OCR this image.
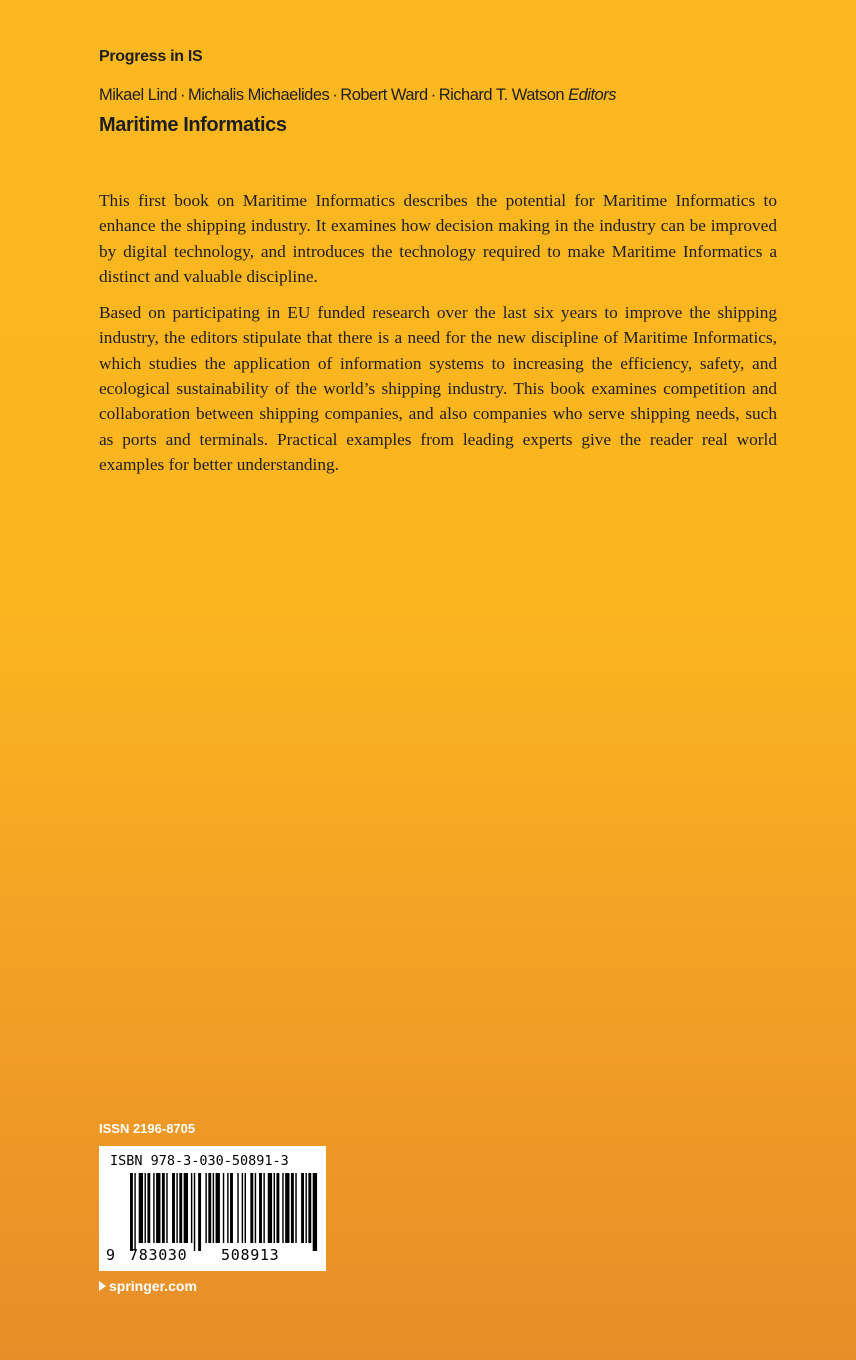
Progress in IS
Mikael Lind · Michalis Michaelides · Robert Ward · Richard T. Watson Editors
Maritime Informatics

This first book on Maritime Informatics describes the potential for Maritime Informatics to enhance the shipping industry. It examines how decision making in the industry can be improved by digital technology, and introduces the technology required to make Maritime Informatics a distinct and valuable discipline.

Based on participating in EU funded research over the last six years to improve the shipping industry, the editors stipulate that there is a need for the new discipline of Maritime Informatics, which studies the application of information systems to increasing the efficiency, safety, and ecological sustainability of the world’s shipping industry. This book examines competition and collaboration between shipping companies, and also companies who serve shipping needs, such as ports and terminals. Practical examples from leading experts give the reader real world examples for better understanding.

ISSN 2196-8705
ISBN 978-3-030-50891-3
9 783030 508913
springer.com
